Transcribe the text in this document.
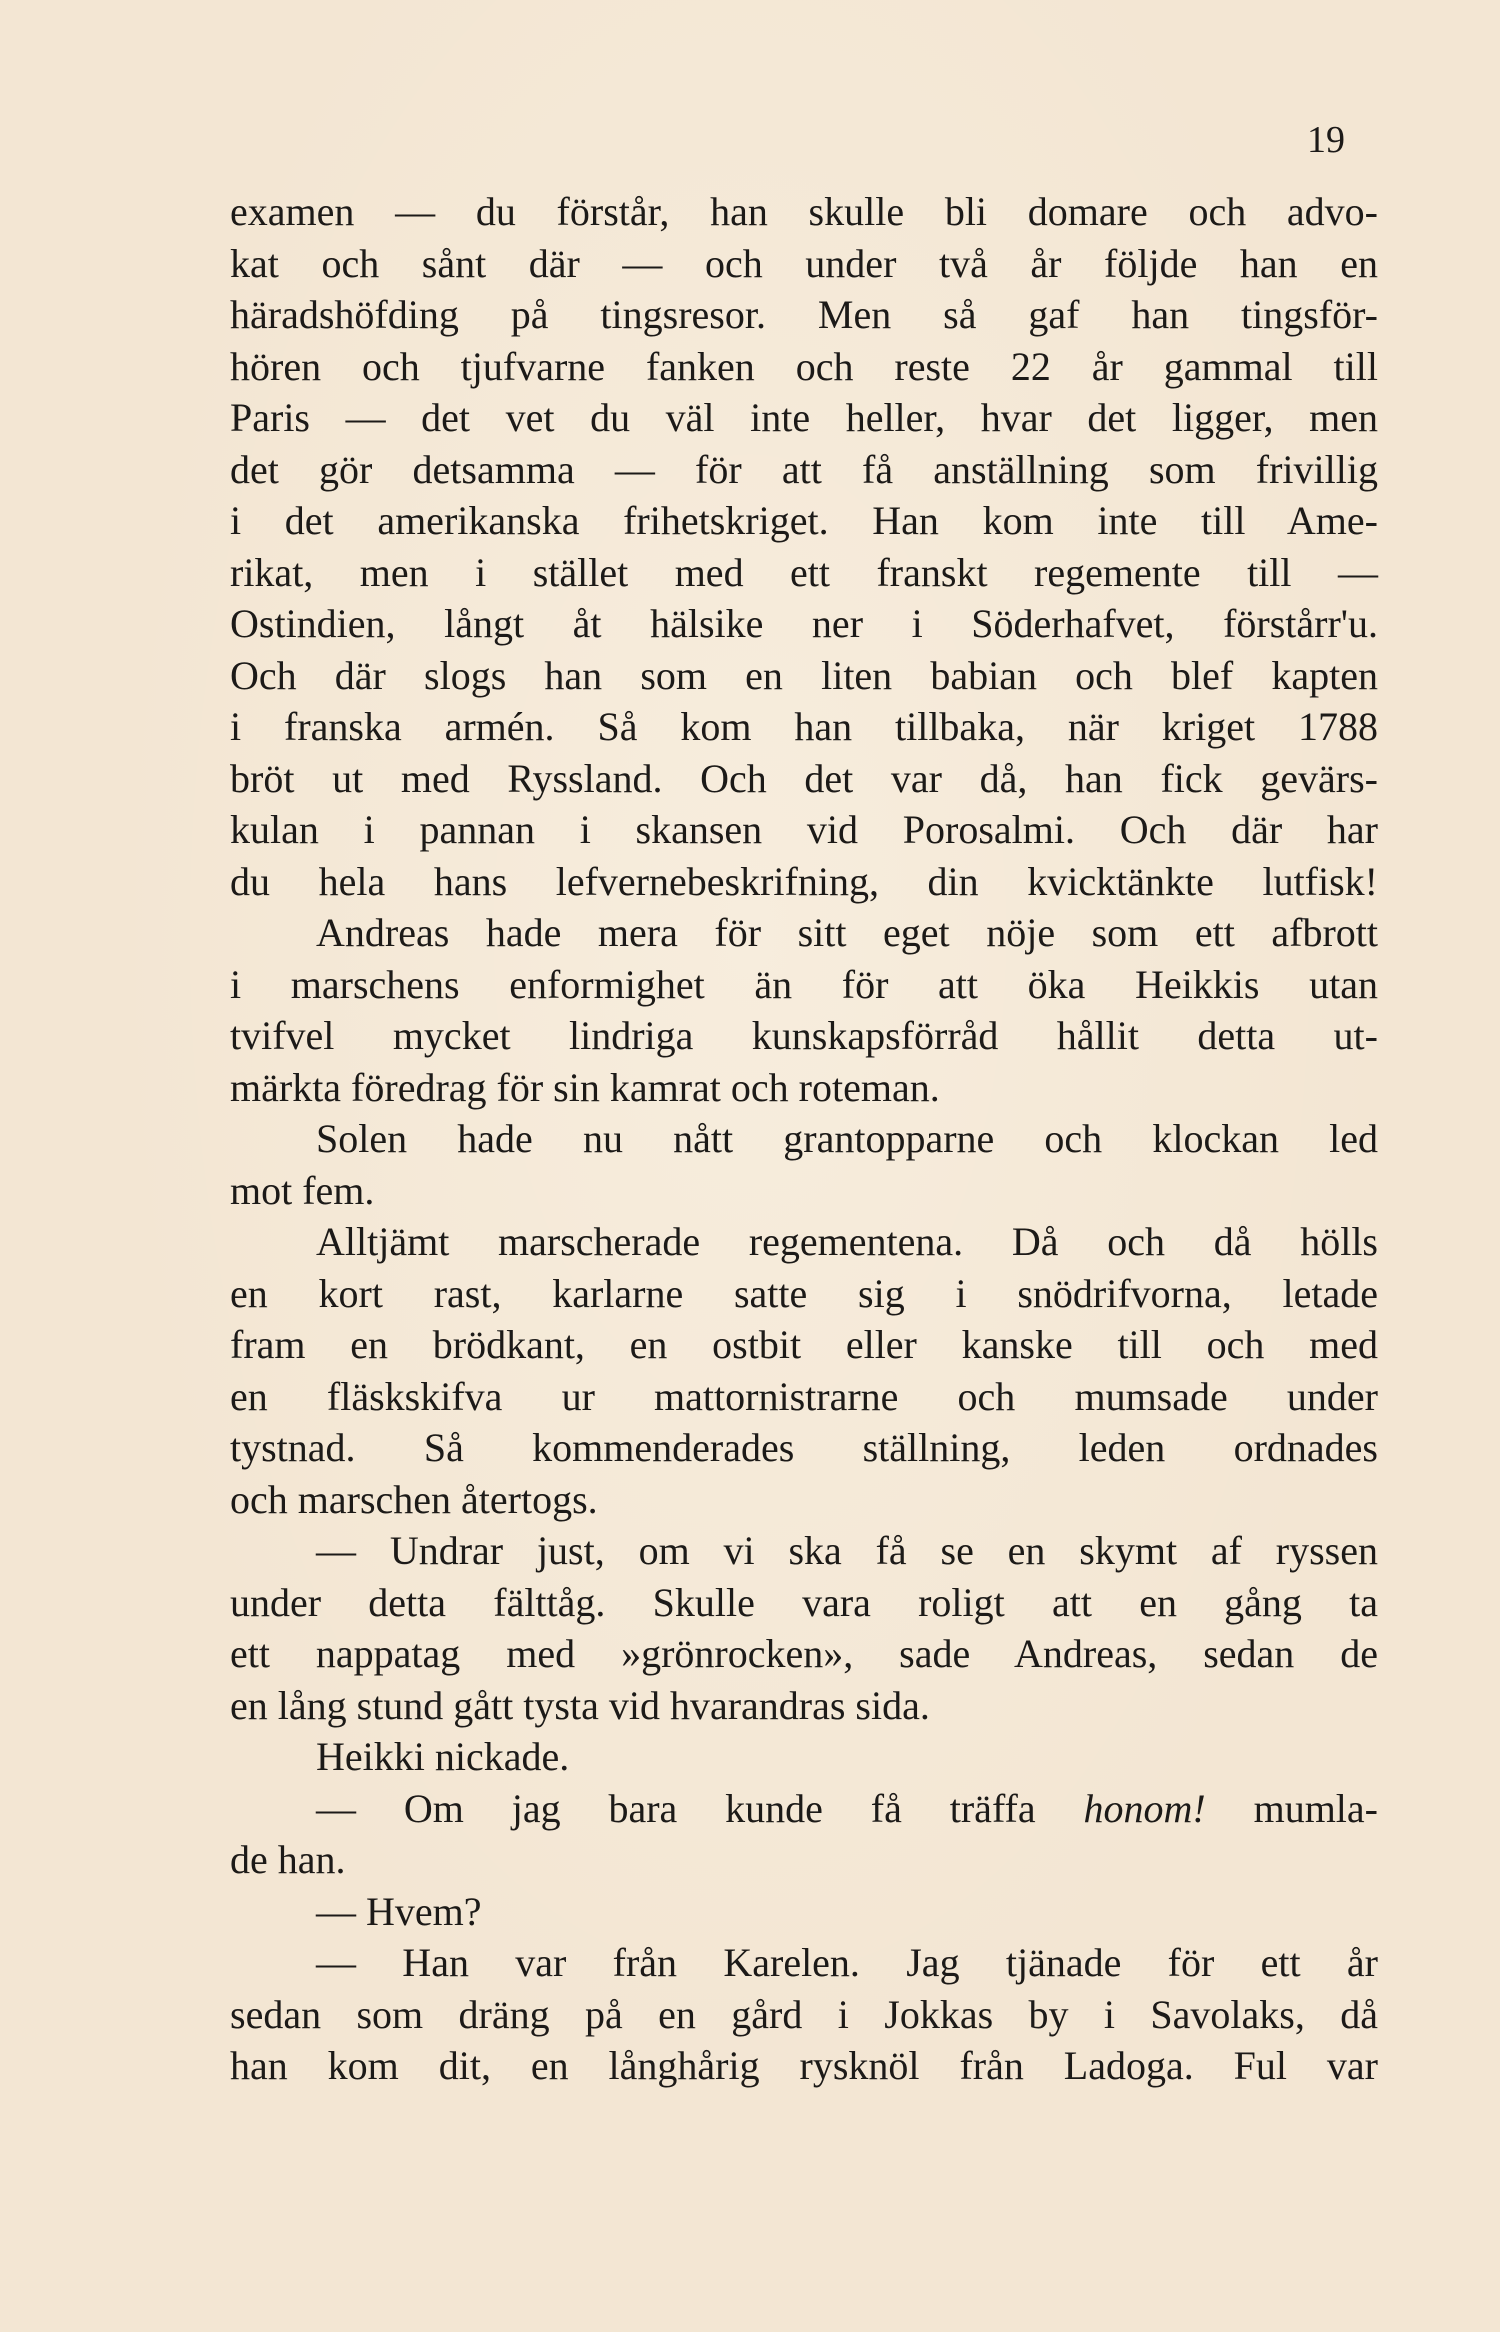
19
examen — du förstår, han skulle bli domare och advo-
kat och sånt där — och under två år följde han en
häradshöfding på tingsresor. Men så gaf han tingsför-
hören och tjufvarne fanken och reste 22 år gammal till
Paris — det vet du väl inte heller, hvar det ligger, men
det gör detsamma — för att få anställning som frivillig
i det amerikanska frihetskriget. Han kom inte till Ame-
rikat, men i stället med ett franskt regemente till —
Ostindien, långt åt hälsike ner i Söderhafvet, förstårr'u.
Och där slogs han som en liten babian och blef kapten
i franska armén. Så kom han tillbaka, när kriget 1788
bröt ut med Ryssland. Och det var då, han fick gevärs-
kulan i pannan i skansen vid Porosalmi. Och där har
du hela hans lefvernebeskrifning, din kvicktänkte lutfisk!
Andreas hade mera för sitt eget nöje som ett afbrott
i marschens enformighet än för att öka Heikkis utan
tvifvel mycket lindriga kunskapsförråd hållit detta ut-
märkta föredrag för sin kamrat och roteman.
Solen hade nu nått grantopparne och klockan led
mot fem.
Alltjämt marscherade regementena. Då och då hölls
en kort rast, karlarne satte sig i snödrifvorna, letade
fram en brödkant, en ostbit eller kanske till och med
en fläskskifva ur mattornistrarne och mumsade under
tystnad. Så kommenderades ställning, leden ordnades
och marschen återtogs.
— Undrar just, om vi ska få se en skymt af ryssen
under detta fälttåg. Skulle vara roligt att en gång ta
ett nappatag med »grönrocken», sade Andreas, sedan de
en lång stund gått tysta vid hvarandras sida.
Heikki nickade.
— Om jag bara kunde få träffa honom! mumla-
de han.
— Hvem?
— Han var från Karelen. Jag tjänade för ett år
sedan som dräng på en gård i Jokkas by i Savolaks, då
han kom dit, en långhårig rysknöl från Ladoga. Ful var
